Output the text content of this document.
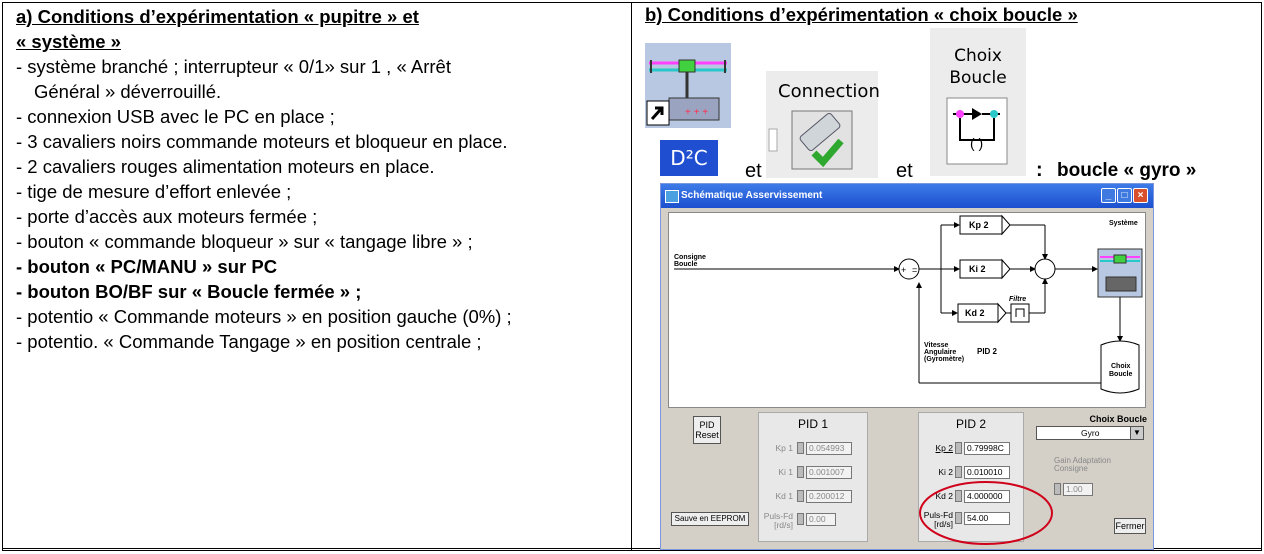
a) Conditions d’expérimentation « pupitre » et
« système »
- système branché ; interrupteur « 0/1» sur 1 , « Arrêt
Général » déverrouillé.
- connexion USB avec le PC en place ;
- 3 cavaliers noirs commande moteurs et bloqueur en place.
- 2 cavaliers rouges alimentation moteurs en place.
- tige de mesure d’effort enlevée ;
- porte d’accès aux moteurs fermée ;
- bouton « commande bloqueur » sur « tangage libre » ;
- bouton « PC/MANU » sur PC
- bouton BO/BF sur « Boucle fermée » ;
- potentio « Commande moteurs » en position gauche (0%) ;
- potentio. « Commande Tangage » en position centrale ;
b) Conditions d’expérimentation « choix boucle »
+ + +
D²C
et
Connection
et
Choix
Boucle
( )
: boucle « gyro »
Schématique Asservissement	_	□	×
+ =
Consigne
Boucle
Kp 2
Ki 2
Kd 2
Filtre
Système
Vitesse
Angulaire
(Gyromètre)
PID 2
Choix
Boucle
PID
Reset
Sauve en EEPROM
PID 1
Kp 1	0.054993
Ki 1	0.001007
Kd 1	0.200012
Puls-Fd
[rd/s]
0.00
PID 2
Kp 2	0.79998C
Ki 2	0.010010
Kd 2	4.000000
Puls-Fd
[rd/s]
54.00
Choix Boucle
Gyro	▼
Gain Adaptation
Consigne
1.00
Fermer
